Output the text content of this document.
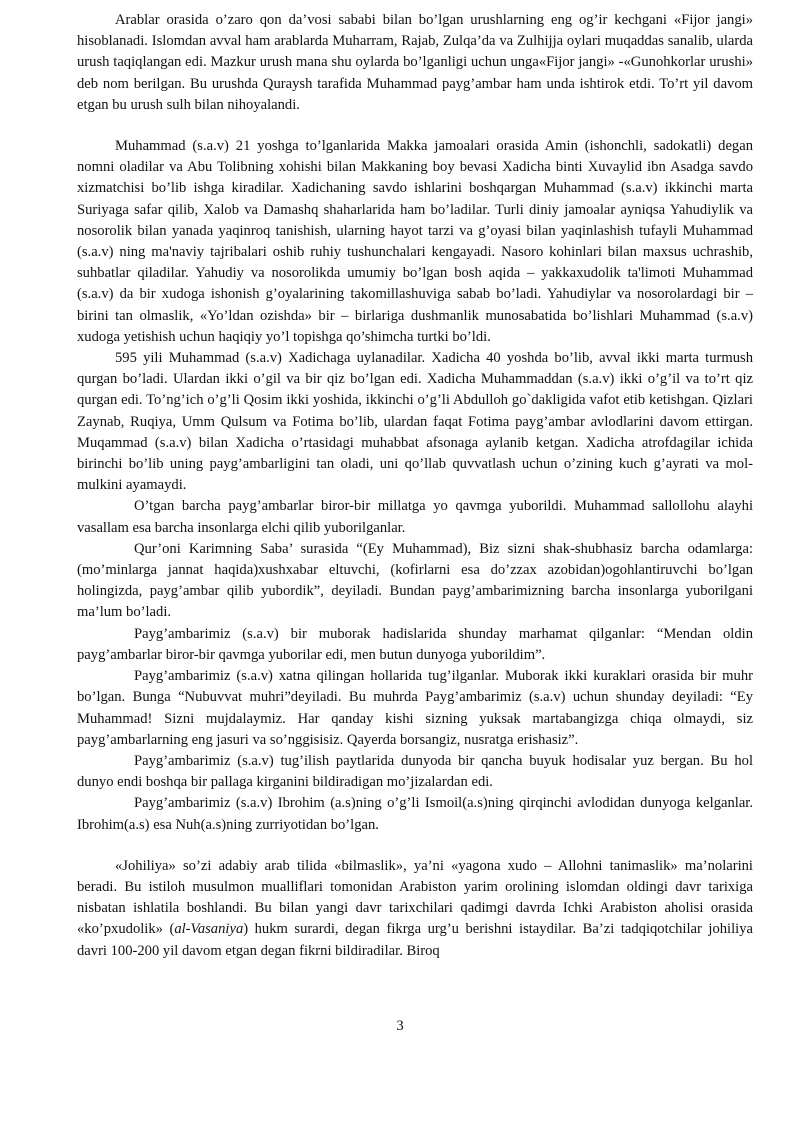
Arablar orasida o’zaro qon da’vosi sababi bilan bo’lgan urushlarning eng og’ir kechgani «Fijor jangi» hisoblanadi. Islomdan avval ham arablarda Muharram, Rajab, Zulqa’da va Zulhijja oylari muqaddas sanalib, ularda urush taqiqlangan edi. Mazkur urush mana shu oylarda bo’lganligi uchun unga«Fijor jangi» -«Gunohkorlar urushi» deb nom berilgan. Bu urushda Quraysh tarafida Muhammad payg’ambar ham unda ishtirok etdi. To’rt yil davom etgan bu urush sulh bilan nihoyalandi.

Muhammad (s.a.v) 21 yoshga to’lganlarida Makka jamoalari orasida Amin (ishonchli, sadokatli) degan nomni oladilar va Abu Tolibning xohishi bilan Makkaning boy bevasi Xadicha binti Xuvaylid ibn Asadga savdo xizmatchisi bo’lib ishga kiradilar. Xadichaning savdo ishlarini boshqargan Muhammad (s.a.v) ikkinchi marta Suriyaga safar qilib, Xalob va Damashq shaharlarida ham bo’ladilar. Turli diniy jamoalar ayniqsa Yahudiylik va nosorolik bilan yanada yaqinroq tanishish, ularning hayot tarzi va g’oyasi bilan yaqinlashish tufayli Muhammad (s.a.v) ning ma'naviy tajribalari oshib ruhiy tushunchalari kengayadi. Nasoro kohinlari bilan maxsus uchrashib, suhbatlar qiladilar. Yahudiy va nosorolikda umumiy bo’lgan bosh aqida – yakkaxudolik ta'limoti Muhammad (s.a.v) da bir xudoga ishonish g’oyalarining takomillashuviga sabab bo’ladi. Yahudiylar va nosorolardagi bir – birini tan olmaslik, «Yo’ldan ozishda» bir – birlariga dushmanlik munosabatida bo’lishlari Muhammad (s.a.v) xudoga yetishish uchun haqiqiy yo’l topishga qo’shimcha turtki bo’ldi.

595 yili Muhammad (s.a.v) Xadichaga uylanadilar. Xadicha 40 yoshda bo’lib, avval ikki marta turmush qurgan bo’ladi. Ulardan ikki o’gil va bir qiz bo’lgan edi. Xadicha Muhammaddan (s.a.v) ikki o’g’il va to’rt qiz qurgan edi. To’ng’ich o’g’li Qosim ikki yoshida, ikkinchi o’g’li Abdulloh go`dakligida vafot etib ketishgan. Qizlari Zaynab, Ruqiya, Umm Qulsum va Fotima bo’lib, ulardan faqat Fotima payg’ambar avlodlarini davom ettirgan. Muqammad (s.a.v) bilan Xadicha o’rtasidagi muhabbat afsonaga aylanib ketgan. Xadicha atrofdagilar ichida birinchi bo’lib uning payg’ambarligini tan oladi, uni qo’llab quvvatlash uchun o’zining kuch g’ayrati va mol-mulkini ayamaydi.

O’tgan barcha payg’ambarlar biror-bir millatga yo qavmga yuborildi. Muhammad sallollohu alayhi vasallam esa barcha insonlarga elchi qilib yuborilganlar.

Qur’oni Karimning Saba’ surasida “(Ey Muhammad), Biz sizni shak-shubhasiz barcha odamlarga: (mo’minlarga jannat haqida)xushxabar eltuvchi, (kofirlarni esa do’zzax azobidan)ogohlantiruvchi bo’lgan holingizda, payg’ambar qilib yubordik”, deyiladi. Bundan payg’ambarimizning barcha insonlarga yuborilgani ma’lum bo’ladi.

Payg’ambarimiz (s.a.v) bir muborak hadislarida shunday marhamat qilganlar: “Mendan oldin payg’ambarlar biror-bir qavmga yuborilar edi, men butun dunyoga yuborildim”.

Payg’ambarimiz (s.a.v) xatna qilingan hollarida tug’ilganlar. Muborak ikki kuraklari orasida bir muhr bo’lgan. Bunga “Nubuvvat muhri”deyiladi. Bu muhrda Payg’ambarimiz (s.a.v) uchun shunday deyiladi: “Ey Muhammad! Sizni mujdalaymiz. Har qanday kishi sizning yuksak martabangizga chiqa olmaydi, siz payg’ambarlarning eng jasuri va so’nggisisiz. Qayerda borsangiz, nusratga erishasiz”.

Payg’ambarimiz (s.a.v) tug’ilish paytlarida dunyoda bir qancha buyuk hodisalar yuz bergan. Bu hol dunyo endi boshqa bir pallaga kirganini bildiradigan mo’jizalardan edi.

Payg’ambarimiz (s.a.v) Ibrohim (a.s)ning o’g’li Ismoil(a.s)ning qirqinchi avlodidan dunyoga kelganlar. Ibrohim(a.s) esa Nuh(a.s)ning zurriyotidan bo’lgan.

«Johiliya» so’zi adabiy arab tilida «bilmaslik», ya’ni «yagona xudo – Allohni tanimaslik» ma’nolarini beradi. Bu istiloh musulmon mualliflari tomonidan Arabiston yarim orolining islomdan oldingi davr tarixiga nisbatan ishlatila boshlandi. Bu bilan yangi davr tarixchilari qadimgi davrda Ichki Arabiston aholisi orasida «ko’pxudolik» (al-Vasaniya) hukm surardi, degan fikrga urg’u berishni istaydilar. Ba’zi tadqiqotchilar johiliya davri 100-200 yil davom etgan degan fikrni bildiradilar. Biroq

3
